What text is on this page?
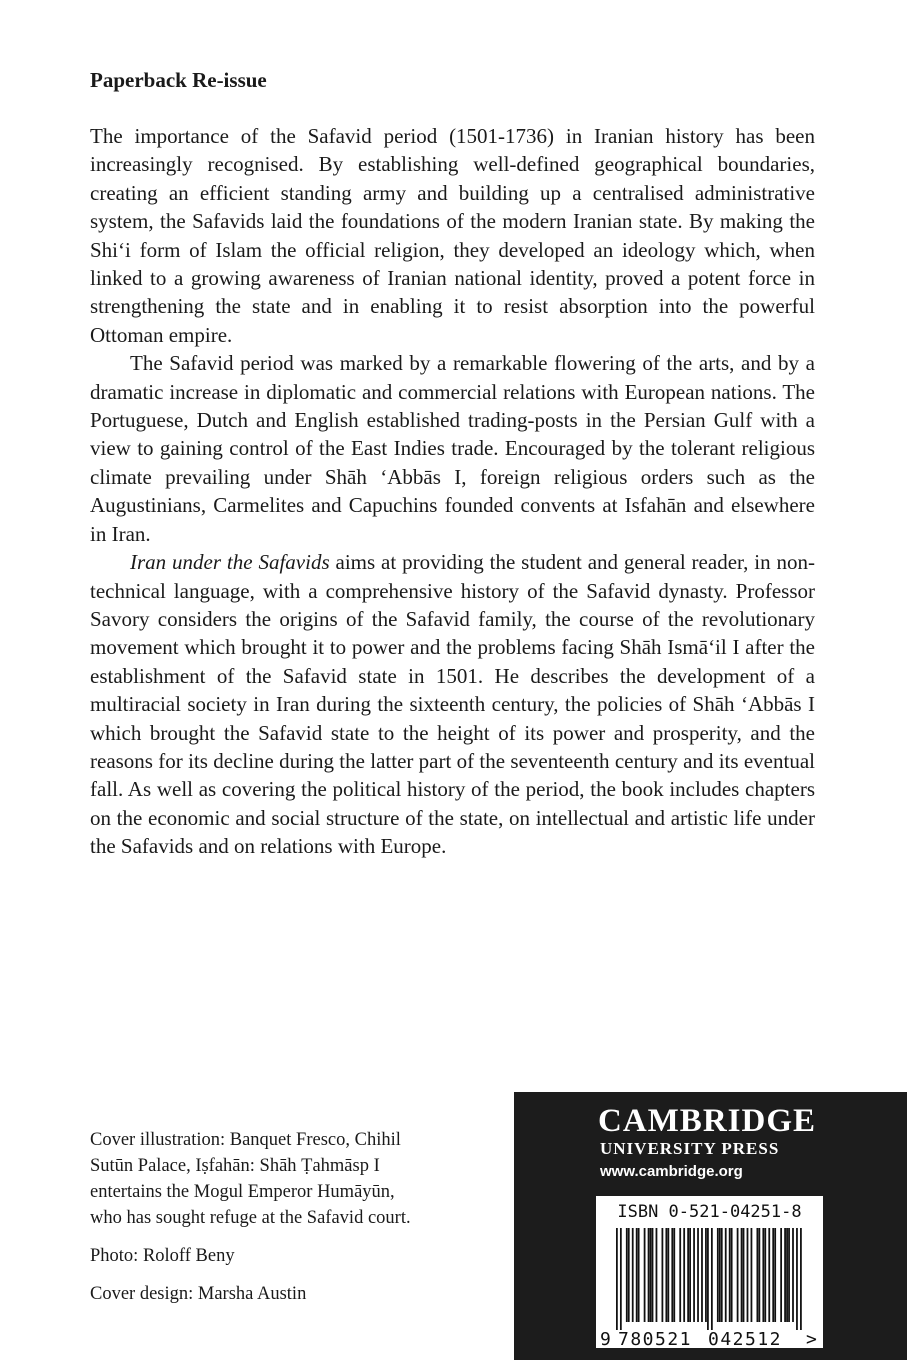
Paperback Re-issue

The importance of the Safavid period (1501-1736) in Iranian history has been increasingly recognised. By establishing well-defined geographical boundaries, creating an efficient standing army and building up a centralised administrative system, the Safavids laid the foundations of the modern Iranian state. By making the Shiʻi form of Islam the official religion, they developed an ideology which, when linked to a growing awareness of Iranian national identity, proved a potent force in strengthening the state and in enabling it to resist absorption into the powerful Ottoman empire.

The Safavid period was marked by a remarkable flowering of the arts, and by a dramatic increase in diplomatic and commercial relations with European nations. The Portuguese, Dutch and English established trading-posts in the Persian Gulf with a view to gaining control of the East Indies trade. Encouraged by the tolerant religious climate prevailing under Shāh ʻAbbās I, foreign religious orders such as the Augustinians, Carmelites and Capuchins founded convents at Isfahān and elsewhere in Iran.

Iran under the Safavids aims at providing the student and general reader, in non-technical language, with a comprehensive history of the Safavid dynasty. Professor Savory considers the origins of the Safavid family, the course of the revolutionary movement which brought it to power and the problems facing Shāh Ismāʻil I after the establishment of the Safavid state in 1501. He describes the development of a multiracial society in Iran during the sixteenth century, the policies of Shāh ʻAbbās I which brought the Safavid state to the height of its power and prosperity, and the reasons for its decline during the latter part of the seventeenth century and its eventual fall. As well as covering the political history of the period, the book includes chapters on the economic and social structure of the state, on intellectual and artistic life under the Safavids and on relations with Europe.

Cover illustration: Banquet Fresco, Chihil
Sutūn Palace, Iṣfahān: Shāh Ṭahmāsp I
entertains the Mogul Emperor Humāyūn,
who has sought refuge at the Safavid court.

Photo: Roloff Beny

Cover design: Marsha Austin

CAMBRIDGE
UNIVERSITY PRESS
www.cambridge.org
ISBN 0-521-04251-8
9 780521 042512 >
